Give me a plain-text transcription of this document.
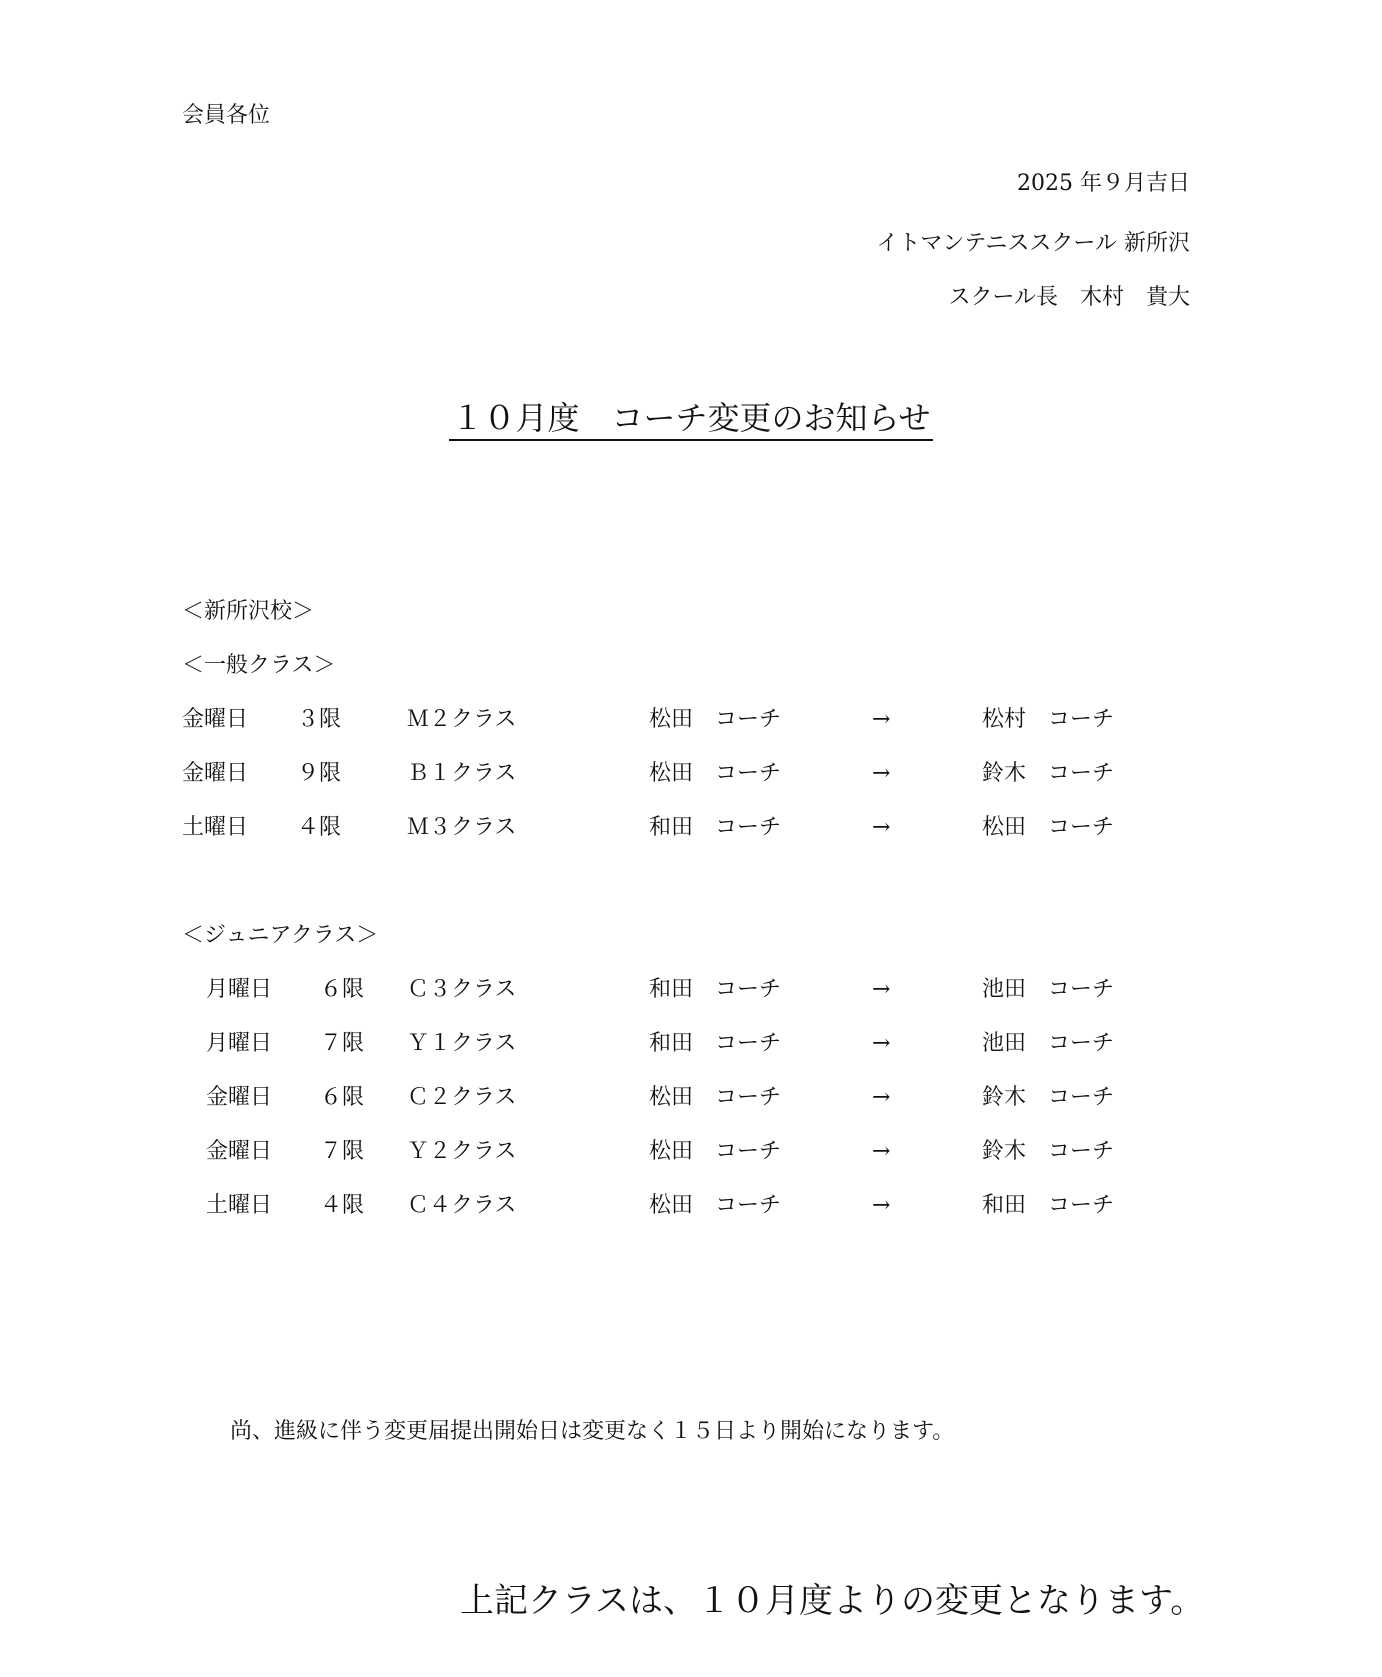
会員各位
2025 年９月吉日
イトマンテニススクール 新所沢
スクール長　木村　貴大
１０月度　コーチ変更のお知らせ
＜新所沢校＞
＜一般クラス＞
金曜日 ３限	Ｍ２クラス	松田　コーチ	→	松村　コーチ
金曜日 ９限	Ｂ１クラス	松田　コーチ	→	鈴木　コーチ
土曜日 ４限	Ｍ３クラス	和田　コーチ	→	松田　コーチ
＜ジュニアクラス＞
月曜日 ６限 Ｃ３クラス	和田　コーチ	→	池田　コーチ
月曜日 ７限 Ｙ１クラス	和田　コーチ	→	池田　コーチ
金曜日 ６限 Ｃ２クラス	松田　コーチ	→	鈴木　コーチ
金曜日 ７限 Ｙ２クラス	松田　コーチ	→	鈴木　コーチ
土曜日 ４限 Ｃ４クラス	松田　コーチ	→	和田　コーチ
尚、進級に伴う変更届提出開始日は変更なく１５日より開始になります。
上記クラスは、１０月度よりの変更となります。
